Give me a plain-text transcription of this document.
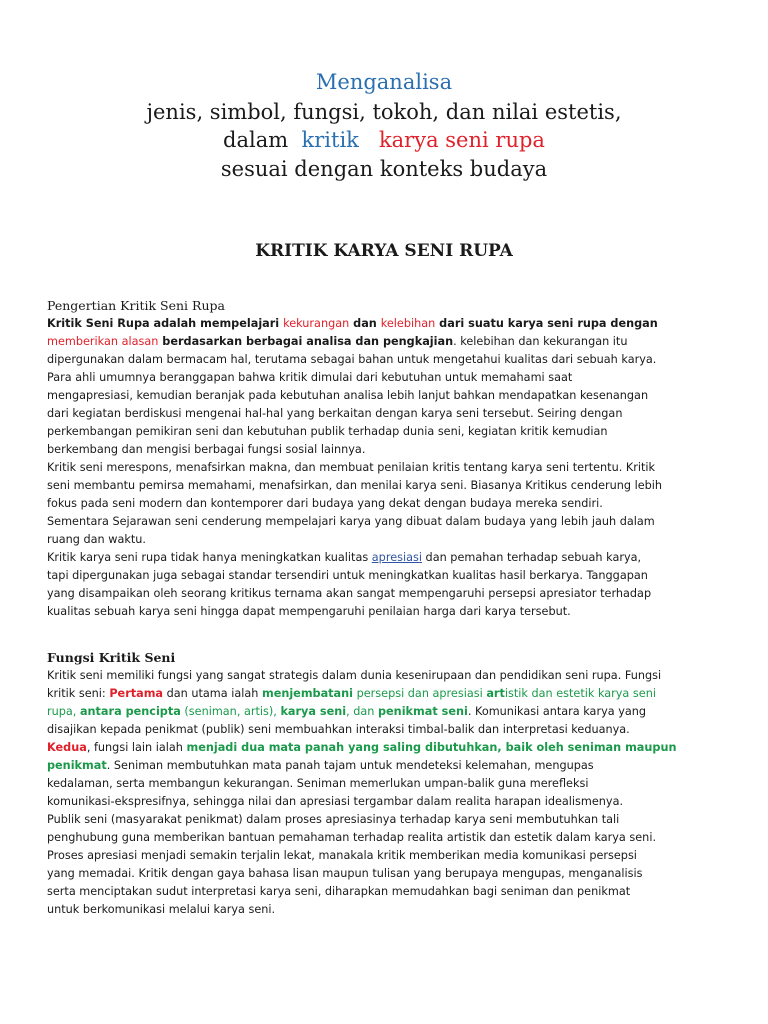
Menganalisa
jenis, simbol, fungsi, tokoh, dan nilai estetis,
dalam kritik karya seni rupa
sesuai dengan konteks budaya
KRITIK KARYA SENI RUPA
Pengertian Kritik Seni Rupa
Kritik Seni Rupa adalah mempelajari kekurangan dan kelebihan dari suatu karya seni rupa dengan
memberikan alasan berdasarkan berbagai analisa dan pengkajian. kelebihan dan kekurangan itu
dipergunakan dalam bermacam hal, terutama sebagai bahan untuk mengetahui kualitas dari sebuah karya.
Para ahli umumnya beranggapan bahwa kritik dimulai dari kebutuhan untuk memahami saat
mengapresiasi, kemudian beranjak pada kebutuhan analisa lebih lanjut bahkan mendapatkan kesenangan
dari kegiatan berdiskusi mengenai hal-hal yang berkaitan dengan karya seni tersebut. Seiring dengan
perkembangan pemikiran seni dan kebutuhan publik terhadap dunia seni, kegiatan kritik kemudian
berkembang dan mengisi berbagai fungsi sosial lainnya.
Kritik seni merespons, menafsirkan makna, dan membuat penilaian kritis tentang karya seni tertentu. Kritik
seni membantu pemirsa memahami, menafsirkan, dan menilai karya seni. Biasanya Kritikus cenderung lebih
fokus pada seni modern dan kontemporer dari budaya yang dekat dengan budaya mereka sendiri.
Sementara Sejarawan seni cenderung mempelajari karya yang dibuat dalam budaya yang lebih jauh dalam
ruang dan waktu.
Kritik karya seni rupa tidak hanya meningkatkan kualitas apresiasi dan pemahan terhadap sebuah karya,
tapi dipergunakan juga sebagai standar tersendiri untuk meningkatkan kualitas hasil berkarya. Tanggapan
yang disampaikan oleh seorang kritikus ternama akan sangat mempengaruhi persepsi apresiator terhadap
kualitas sebuah karya seni hingga dapat mempengaruhi penilaian harga dari karya tersebut.
Fungsi Kritik Seni
Kritik seni memiliki fungsi yang sangat strategis dalam dunia kesenirupaan dan pendidikan seni rupa. Fungsi
kritik seni: Pertama dan utama ialah menjembatani persepsi dan apresiasi artistik dan estetik karya seni
rupa, antara pencipta (seniman, artis), karya seni, dan penikmat seni. Komunikasi antara karya yang
disajikan kepada penikmat (publik) seni membuahkan interaksi timbal-balik dan interpretasi keduanya.
Kedua, fungsi lain ialah menjadi dua mata panah yang saling dibutuhkan, baik oleh seniman maupun
penikmat. Seniman membutuhkan mata panah tajam untuk mendeteksi kelemahan, mengupas
kedalaman, serta membangun kekurangan. Seniman memerlukan umpan-balik guna merefleksi
komunikasi-ekspresifnya, sehingga nilai dan apresiasi tergambar dalam realita harapan idealismenya.
Publik seni (masyarakat penikmat) dalam proses apresiasinya terhadap karya seni membutuhkan tali
penghubung guna memberikan bantuan pemahaman terhadap realita artistik dan estetik dalam karya seni.
Proses apresiasi menjadi semakin terjalin lekat, manakala kritik memberikan media komunikasi persepsi
yang memadai. Kritik dengan gaya bahasa lisan maupun tulisan yang berupaya mengupas, menganalisis
serta menciptakan sudut interpretasi karya seni, diharapkan memudahkan bagi seniman dan penikmat
untuk berkomunikasi melalui karya seni.
